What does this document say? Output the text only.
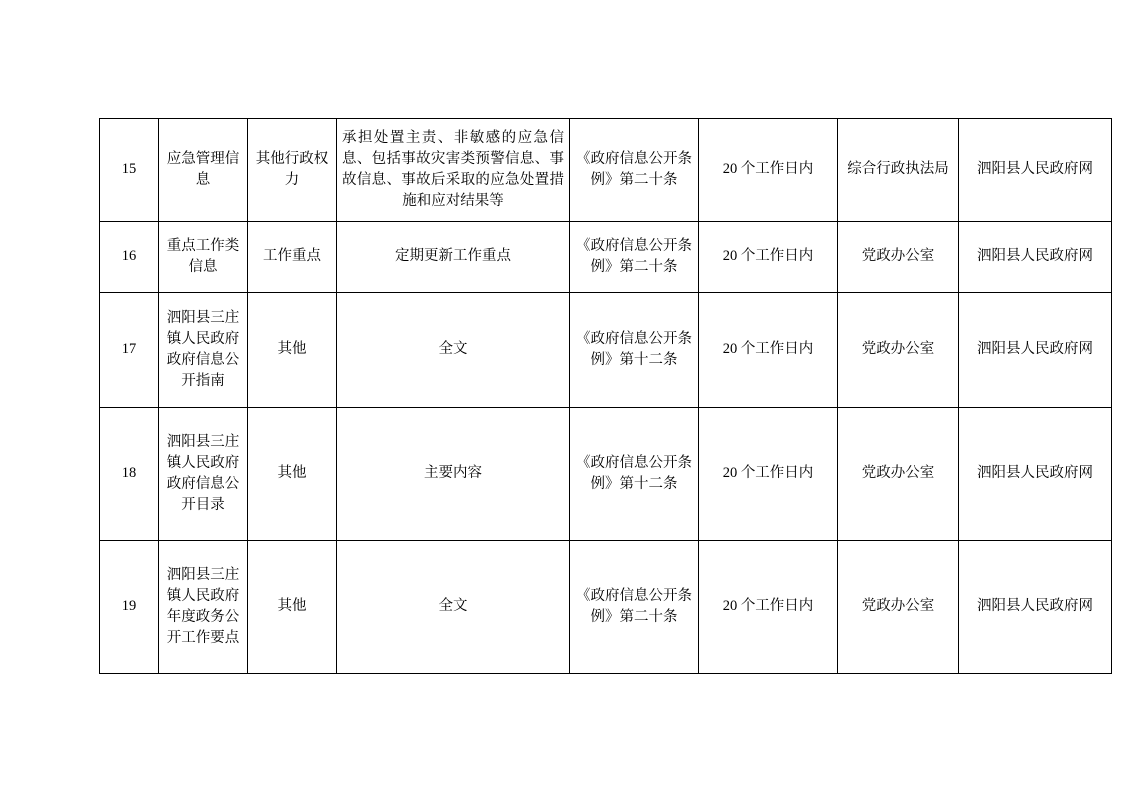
15	应急管理信息	其他行政权力	承担处置主责、非敏感的应急信息、包括事故灾害类预警信息、事故信息、事故后采取的应急处置措施和应对结果等	《政府信息公开条例》第二十条	20 个工作日内	综合行政执法局	泗阳县人民政府网

16	重点工作类信息	工作重点	定期更新工作重点	《政府信息公开条例》第二十条	20 个工作日内	党政办公室	泗阳县人民政府网

17	泗阳县三庄镇人民政府政府信息公开指南	其他	全文	《政府信息公开条例》第十二条	20 个工作日内	党政办公室	泗阳县人民政府网

18	泗阳县三庄镇人民政府政府信息公开目录	其他	主要内容	《政府信息公开条例》第十二条	20 个工作日内	党政办公室	泗阳县人民政府网

19	泗阳县三庄镇人民政府年度政务公开工作要点	其他	全文	《政府信息公开条例》第二十条	20 个工作日内	党政办公室	泗阳县人民政府网
